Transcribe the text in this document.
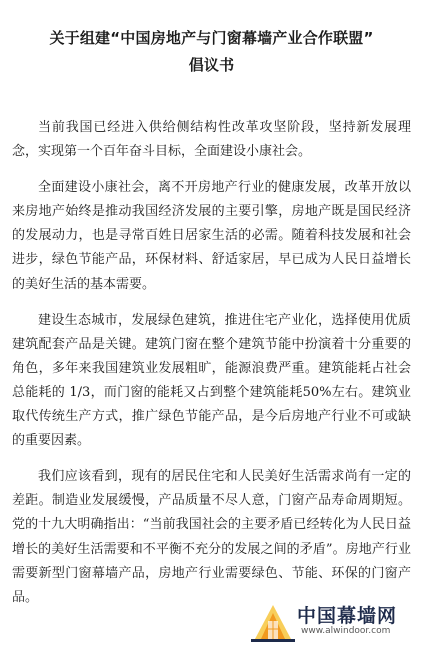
关于组建“中国房地产与门窗幕墙产业合作联盟”
倡议书

当前我国已经进入供给侧结构性改革攻坚阶段，坚持新发展理念，实现第一个百年奋斗目标，全面建设小康社会。

全面建设小康社会，离不开房地产行业的健康发展，改革开放以来房地产始终是推动我国经济发展的主要引擎，房地产既是国民经济的发展动力，也是寻常百姓日居家生活的必需。随着科技发展和社会进步，绿色节能产品，环保材料、舒适家居，早已成为人民日益增长的美好生活的基本需要。

建设生态城市，发展绿色建筑，推进住宅产业化，选择使用优质建筑配套产品是关键。建筑门窗在整个建筑节能中扮演着十分重要的角色，多年来我国建筑业发展粗旷，能源浪费严重。建筑能耗占社会总能耗的 1/3，而门窗的能耗又占到整个建筑能耗50%左右。建筑业取代传统生产方式，推广绿色节能产品，是今后房地产行业不可或缺的重要因素。

我们应该看到，现有的居民住宅和人民美好生活需求尚有一定的差距。制造业发展缓慢，产品质量不尽人意，门窗产品寿命周期短。党的十九大明确指出：“当前我国社会的主要矛盾已经转化为人民日益增长的美好生活需要和不平衡不充分的发展之间的矛盾”。房地产行业需要新型门窗幕墙产品，房地产行业需要绿色、节能、环保的门窗产品。

中国幕墙网
www.alwindoor.com
